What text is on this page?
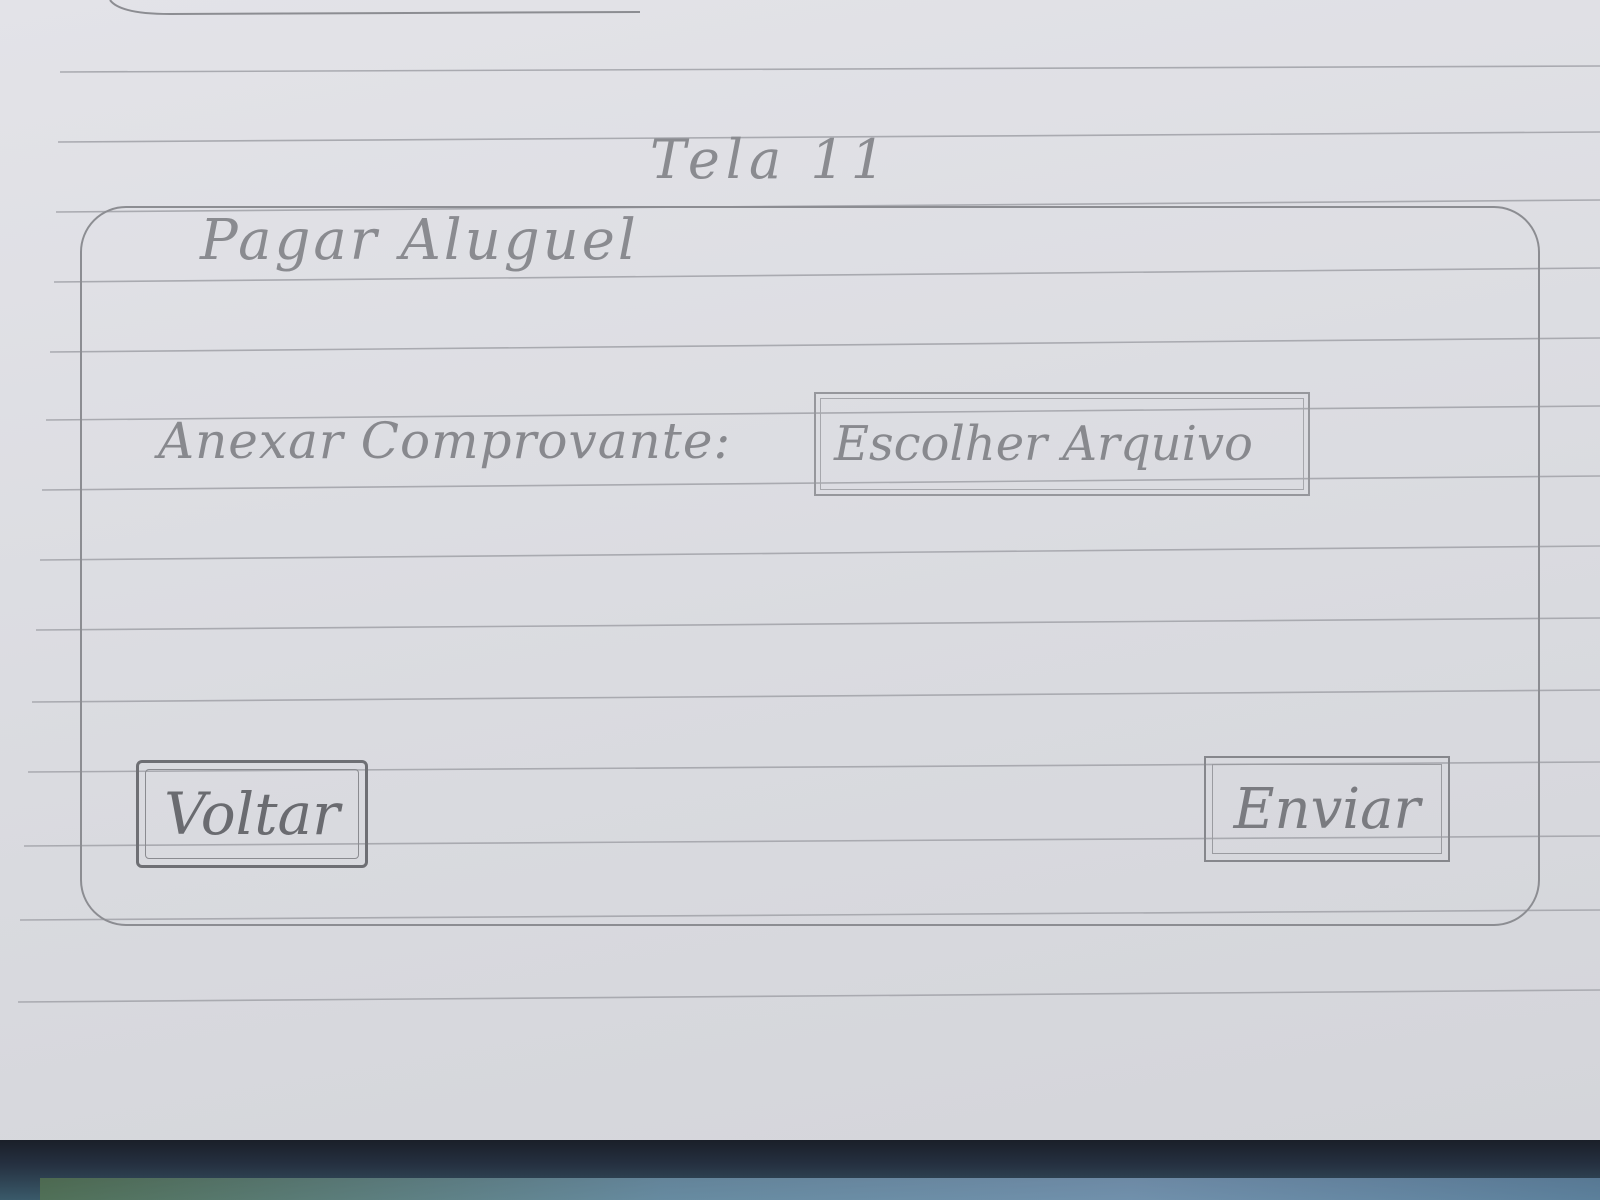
Tela 11
Pagar Aluguel
Anexar Comprovante:	Escolher Arquivo
Voltar	Enviar
